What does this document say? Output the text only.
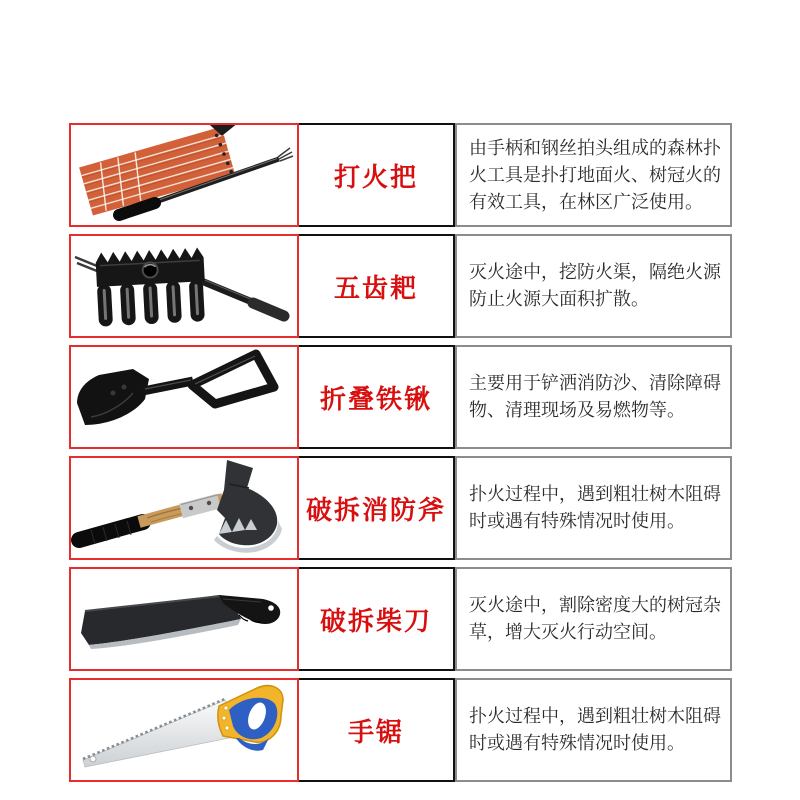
打火把
由手柄和钢丝拍头组成的森林扑火工具是扑打地面火、树冠火的有效工具，在林区广泛使用。
五齿耙
灭火途中，挖防火渠，隔绝火源防止火源大面积扩散。
折叠铁锹
主要用于铲洒消防沙、清除障碍物、清理现场及易燃物等。
破拆消防斧
扑火过程中，遇到粗壮树木阻碍时或遇有特殊情况时使用。
破拆柴刀
灭火途中，割除密度大的树冠杂草，增大灭火行动空间。
手锯
扑火过程中，遇到粗壮树木阻碍时或遇有特殊情况时使用。
